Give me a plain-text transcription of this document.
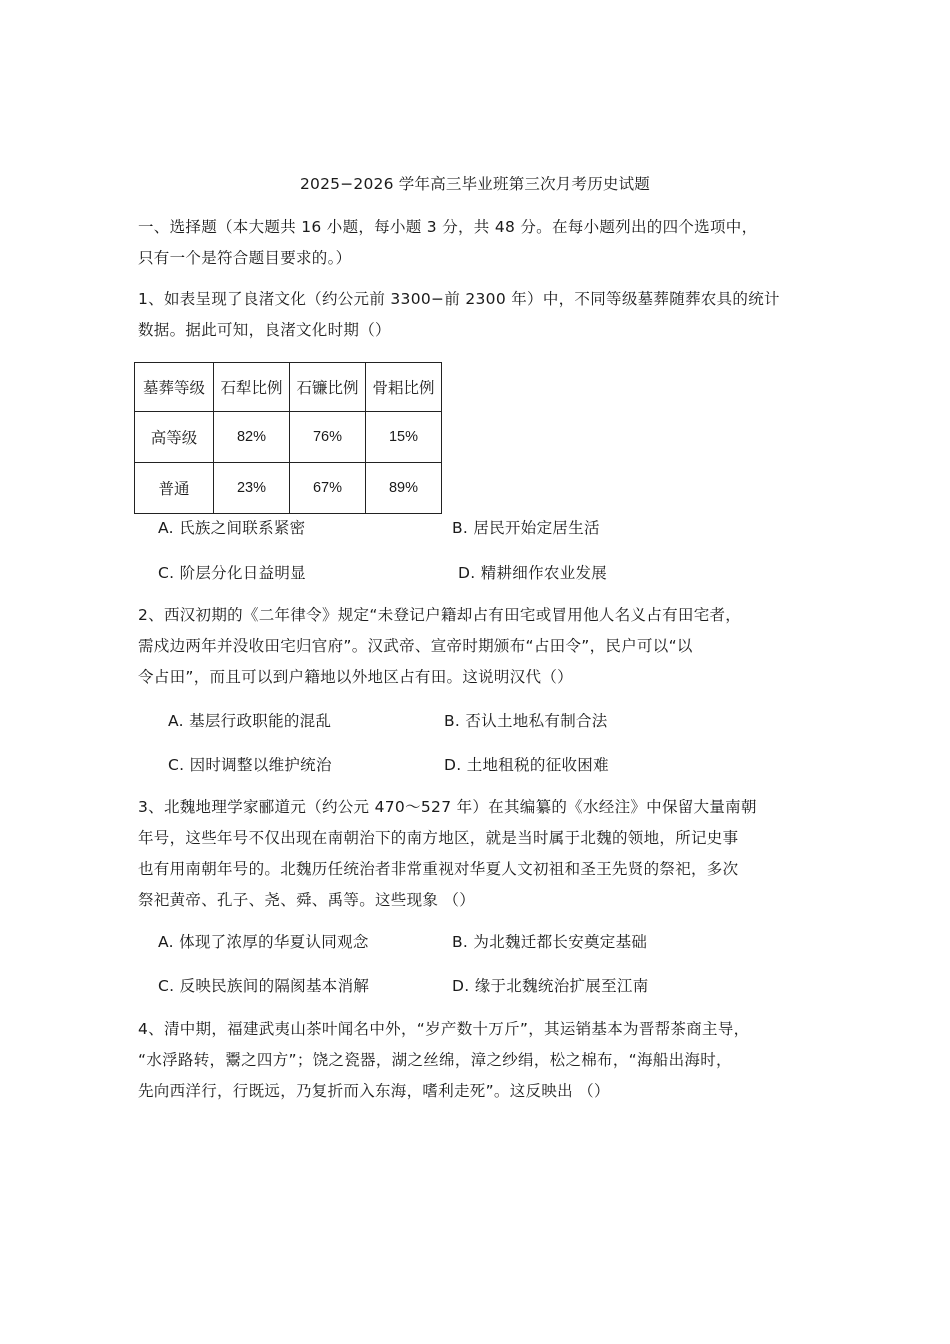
2025−2026 学年高三毕业班第三次月考历史试题
一、选择题（本大题共 16 小题，每小题 3 分，共 48 分。在每小题列出的四个选项中，
只有一个是符合题目要求的。）
1、如表呈现了良渚文化（约公元前 3300−前 2300 年）中，不同等级墓葬随葬农具的统计
数据。据此可知，良渚文化时期（）
墓葬等级	石犁比例	石镰比例	骨耜比例
高等级	82%	76%	15%
普通	23%	67%	89%
A. 氏族之间联系紧密	B. 居民开始定居生活
C. 阶层分化日益明显	D. 精耕细作农业发展
2、西汉初期的《二年律令》规定“未登记户籍却占有田宅或冒用他人名义占有田宅者，
需戍边两年并没收田宅归官府”。汉武帝、宣帝时期颁布“占田令”，民户可以“以
令占田”，而且可以到户籍地以外地区占有田。这说明汉代（）
A. 基层行政职能的混乱	B. 否认土地私有制合法
C. 因时调整以维护统治	D. 土地租税的征收困难
3、北魏地理学家郦道元（约公元 470～527 年）在其编纂的《水经注》中保留大量南朝
年号，这些年号不仅出现在南朝治下的南方地区，就是当时属于北魏的领地，所记史事
也有用南朝年号的。北魏历任统治者非常重视对华夏人文初祖和圣王先贤的祭祀，多次
祭祀黄帝、孔子、尧、舜、禹等。这些现象 （）
A. 体现了浓厚的华夏认同观念	B. 为北魏迁都长安奠定基础
C. 反映民族间的隔阂基本消解	D. 缘于北魏统治扩展至江南
4、清中期，福建武夷山茶叶闻名中外，“岁产数十万斤”，其运销基本为晋帮茶商主导，
“水浮路转，鬻之四方”；饶之瓷器，湖之丝绵，漳之纱绢，松之棉布，“海船出海时，
先向西洋行，行既远，乃复折而入东海，嗜利走死”。这反映出 （）
